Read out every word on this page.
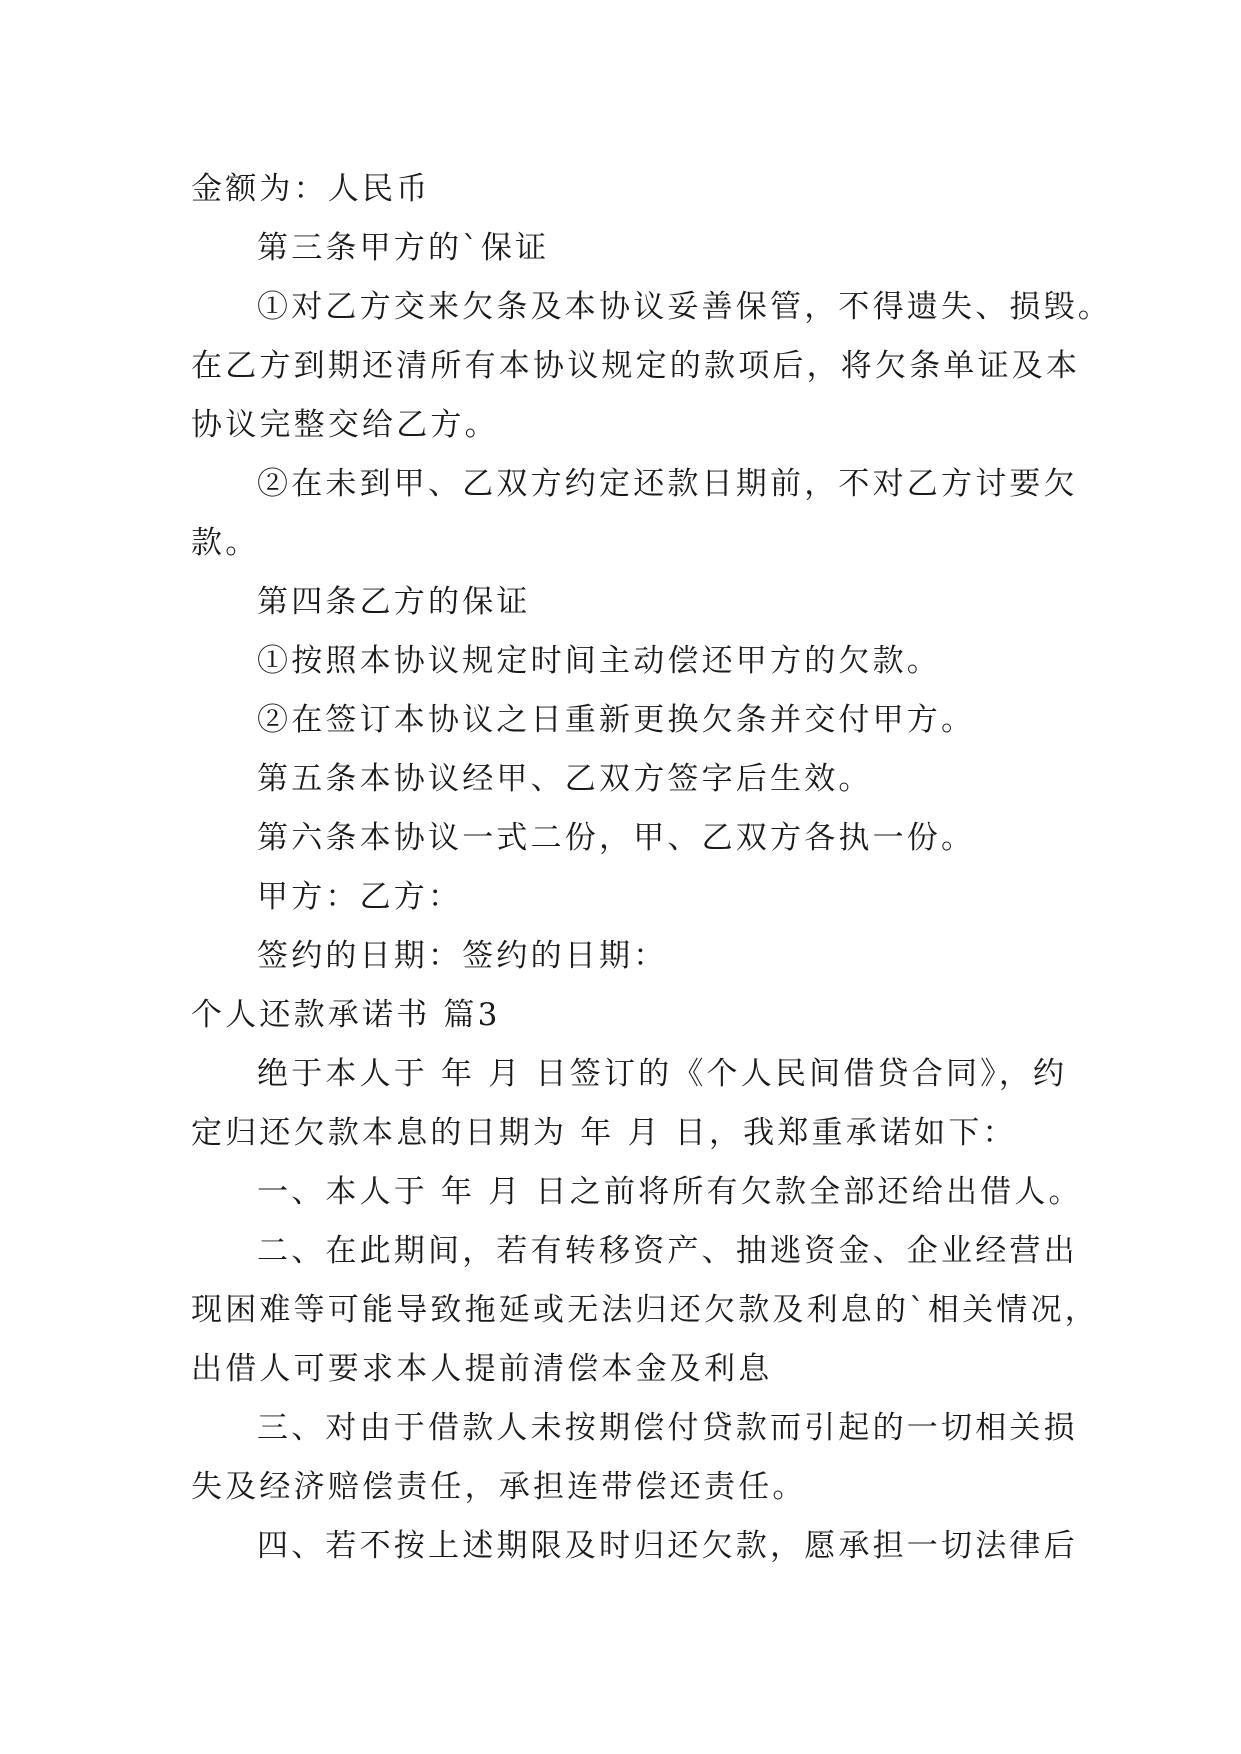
金额为：人民币

第三条甲方的`保证

①对乙方交来欠条及本协议妥善保管，不得遗失、损毁。

在乙方到期还清所有本协议规定的款项后，将欠条单证及本

协议完整交给乙方。

②在未到甲、乙双方约定还款日期前，不对乙方讨要欠

款。

第四条乙方的保证

①按照本协议规定时间主动偿还甲方的欠款。

②在签订本协议之日重新更换欠条并交付甲方。

第五条本协议经甲、乙双方签字后生效。

第六条本协议一式二份，甲、乙双方各执一份。

甲方：乙方：

签约的日期：签约的日期：

个人还款承诺书 篇3

绝于本人于 年 月 日签订的《个人民间借贷合同》，约

定归还欠款本息的日期为 年 月 日，我郑重承诺如下：

一、本人于 年 月 日之前将所有欠款全部还给出借人。

二、在此期间，若有转移资产、抽逃资金、企业经营出

现困难等可能导致拖延或无法归还欠款及利息的`相关情况，

出借人可要求本人提前清偿本金及利息

三、对由于借款人未按期偿付贷款而引起的一切相关损

失及经济赔偿责任，承担连带偿还责任。

四、若不按上述期限及时归还欠款，愿承担一切法律后
